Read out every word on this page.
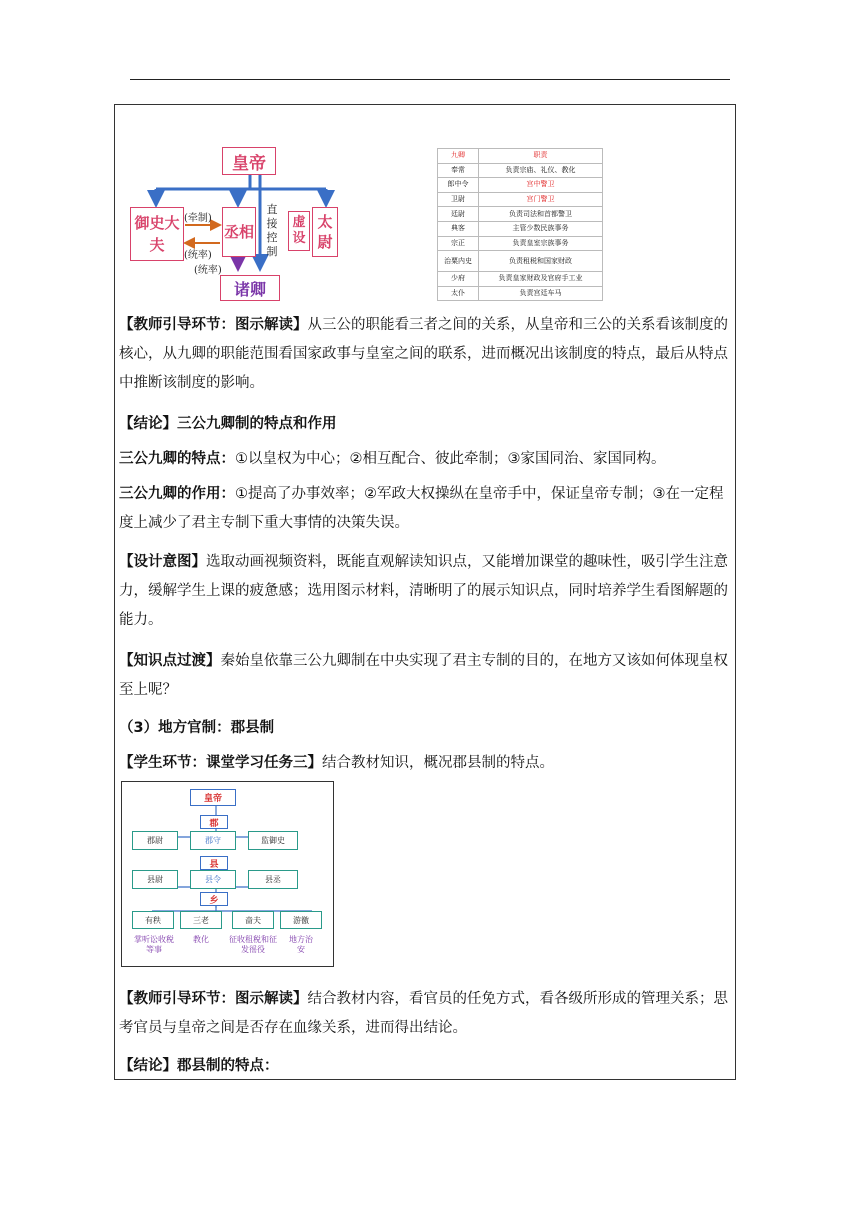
皇帝
御史大夫
丞相
虚设
太尉
诸卿
(牵制)
(统率)
(统率)
直接控制
九卿	职责
奉常	负责宗庙、礼仪、教化
郎中令	宫中警卫
卫尉	宫门警卫
廷尉	负责司法和首都警卫
典客	主管少数民族事务
宗正	负责皇室宗族事务
治粟内史	负责租税和国家财政
少府	负责皇家财政及官府手工业
太仆	负责宫廷车马
【教师引导环节：图示解读】从三公的职能看三者之间的关系，从皇帝和三公的关系看该制度的核心，从九卿的职能范围看国家政事与皇室之间的联系，进而概况出该制度的特点，最后从特点中推断该制度的影响。
【结论】三公九卿制的特点和作用
三公九卿的特点：①以皇权为中心；②相互配合、彼此牵制；③家国同治、家国同构。
三公九卿的作用：①提高了办事效率；②军政大权操纵在皇帝手中，保证皇帝专制；③在一定程度上减少了君主专制下重大事情的决策失误。
【设计意图】选取动画视频资料，既能直观解读知识点，又能增加课堂的趣味性，吸引学生注意力，缓解学生上课的疲惫感；选用图示材料，清晰明了的展示知识点，同时培养学生看图解题的能力。
【知识点过渡】秦始皇依靠三公九卿制在中央实现了君主专制的目的，在地方又该如何体现皇权至上呢？
（3）地方官制：郡县制
【学生环节：课堂学习任务三】结合教材知识，概况郡县制的特点。
皇帝
郡
郡尉	郡守	监御史
县
县尉	县令	县丞
乡
有秩	三老	啬夫	游徼
掌听讼收税等事
教化	征收租税和征发徭役
地方治安
【教师引导环节：图示解读】结合教材内容，看官员的任免方式，看各级所形成的管理关系；思考官员与皇帝之间是否存在血缘关系，进而得出结论。
【结论】郡县制的特点：
